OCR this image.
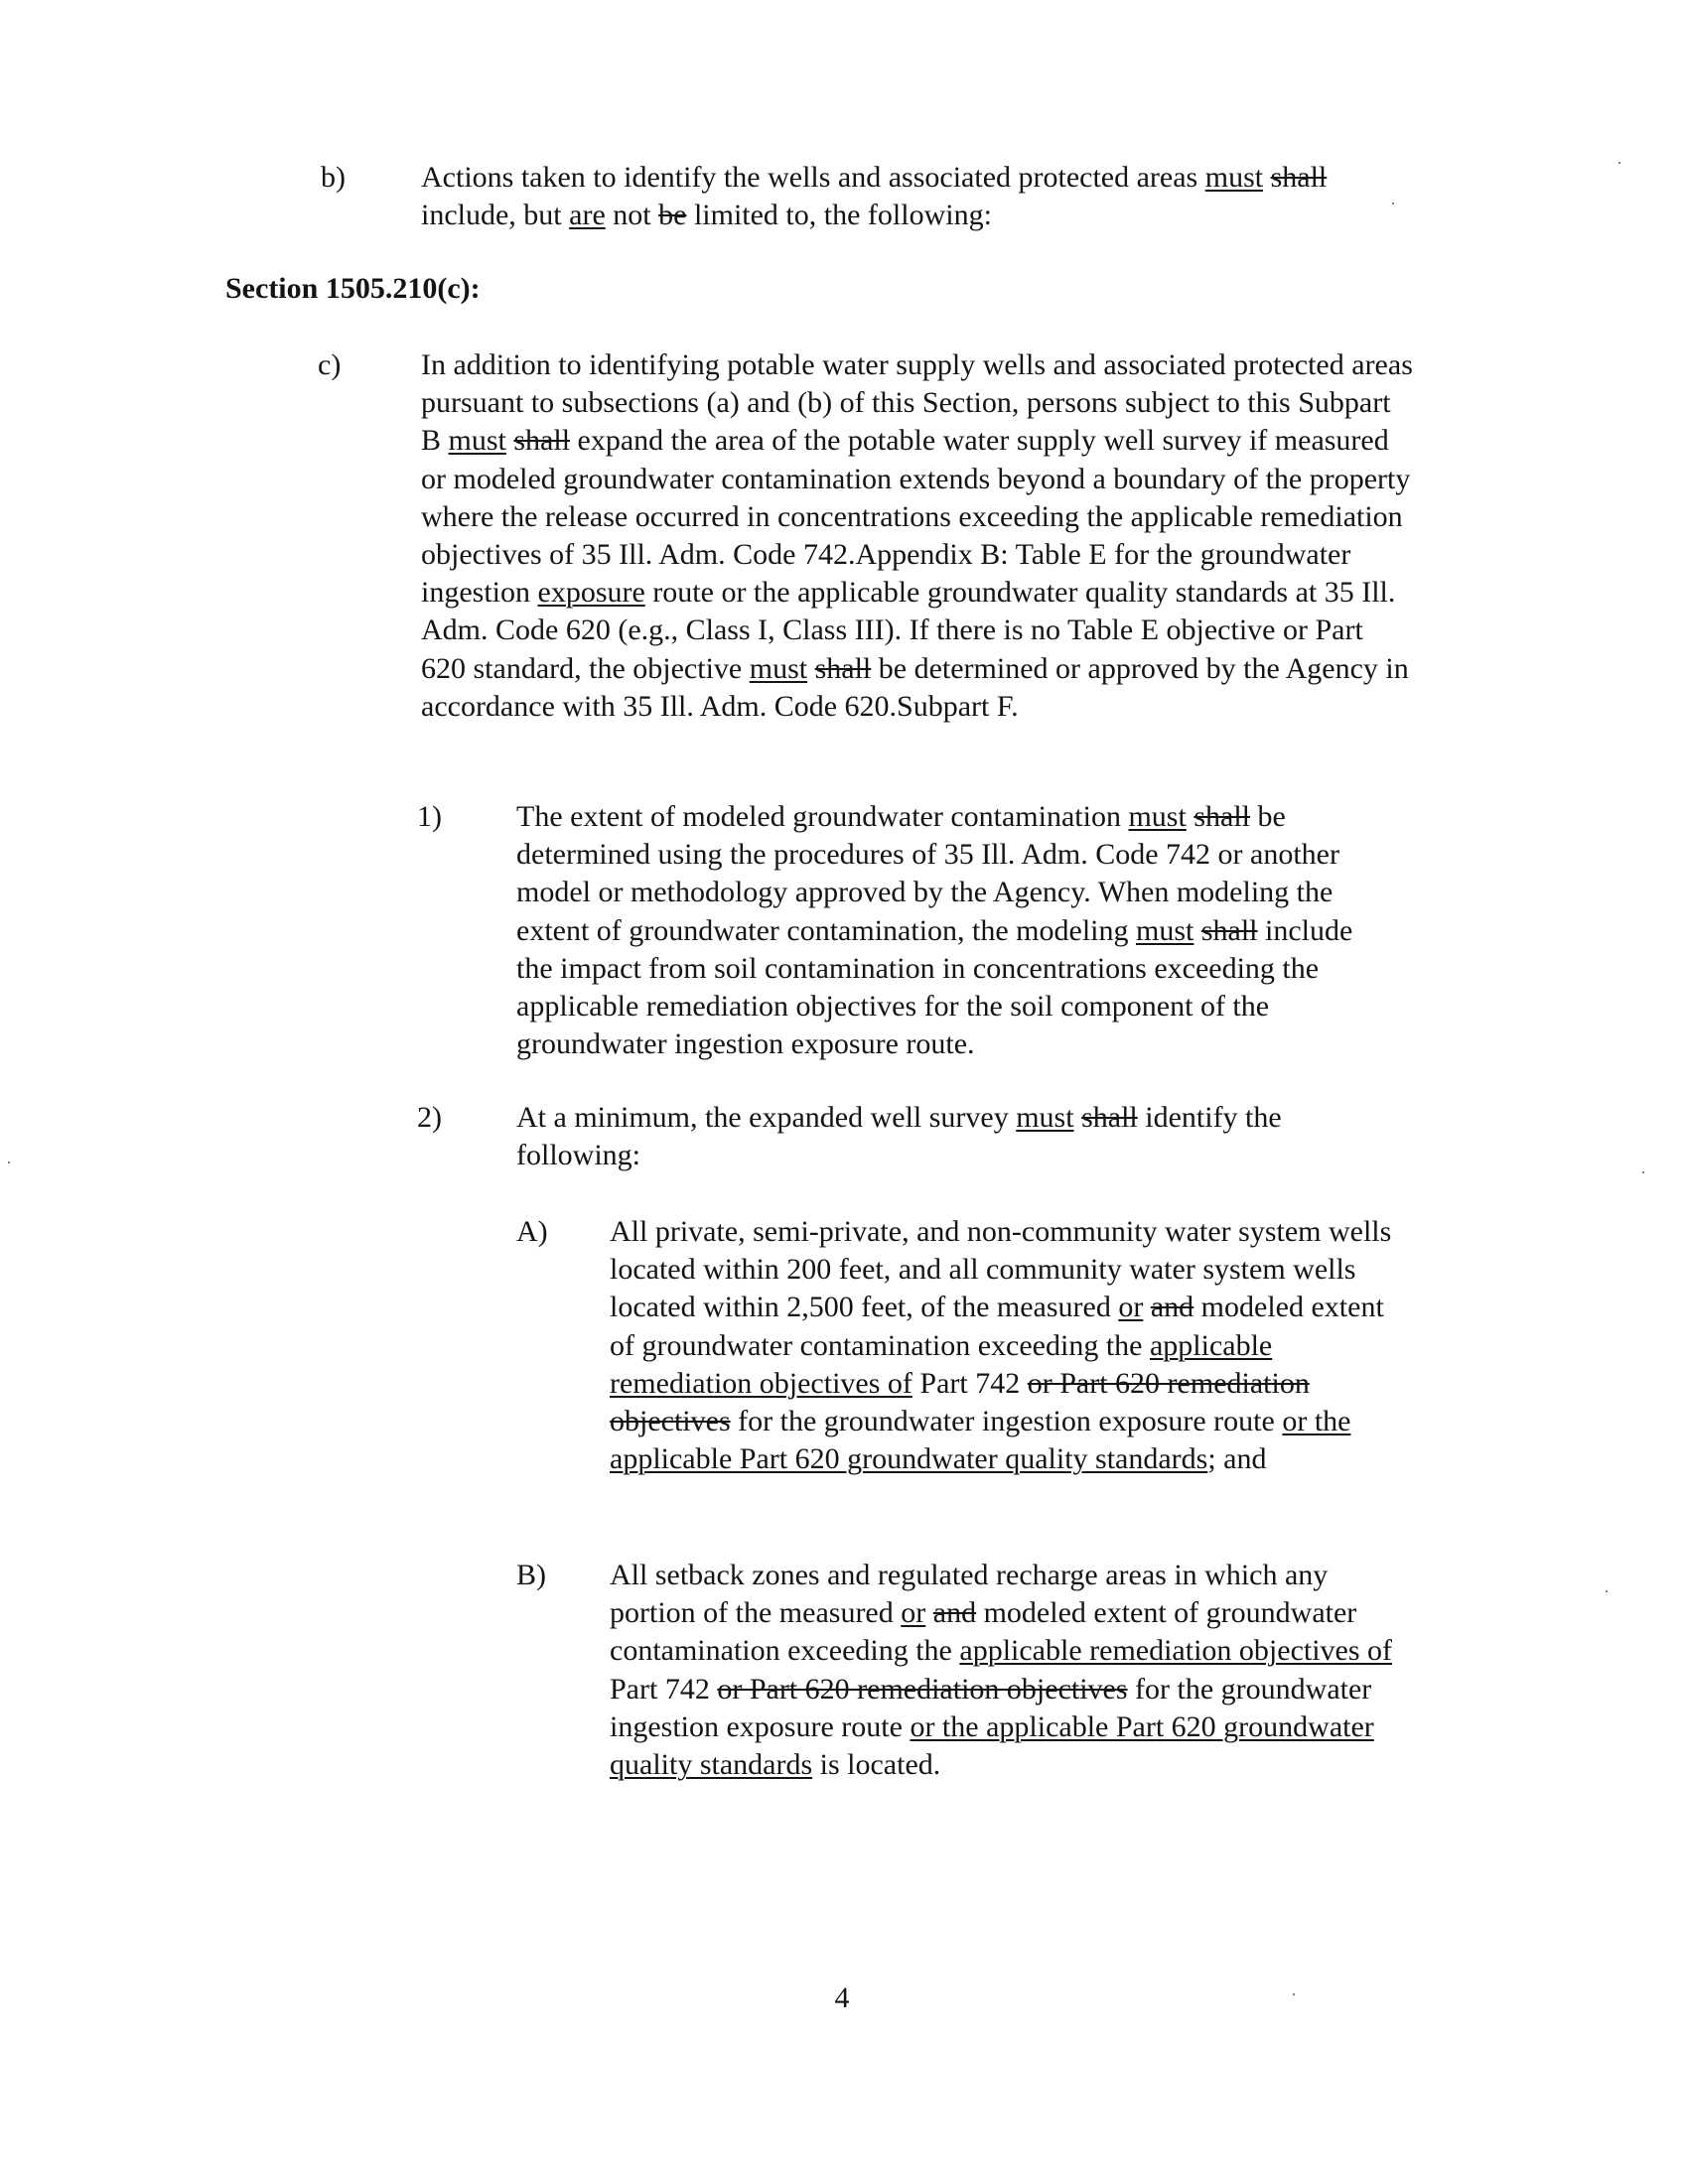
b)	Actions taken to identify the wells and associated protected areas must shall include, but are not be limited to, the following:
Section 1505.210(c):
c)	In addition to identifying potable water supply wells and associated protected areas pursuant to subsections (a) and (b) of this Section, persons subject to this Subpart B must shall expand the area of the potable water supply well survey if measured or modeled groundwater contamination extends beyond a boundary of the property where the release occurred in concentrations exceeding the applicable remediation objectives of 35 Ill. Adm. Code 742.Appendix B: Table E for the groundwater ingestion exposure route or the applicable groundwater quality standards at 35 Ill. Adm. Code 620 (e.g., Class I, Class III). If there is no Table E objective or Part 620 standard, the objective must shall be determined or approved by the Agency in accordance with 35 Ill. Adm. Code 620.Subpart F.
1)	The extent of modeled groundwater contamination must shall be determined using the procedures of 35 Ill. Adm. Code 742 or another model or methodology approved by the Agency. When modeling the extent of groundwater contamination, the modeling must shall include the impact from soil contamination in concentrations exceeding the applicable remediation objectives for the soil component of the groundwater ingestion exposure route.
2)	At a minimum, the expanded well survey must shall identify the following:
A) All private, semi-private, and non-community water system wells located within 200 feet, and all community water system wells located within 2,500 feet, of the measured or and modeled extent of groundwater contamination exceeding the applicable remediation objectives of Part 742 or Part 620 remediation objectives for the groundwater ingestion exposure route or the applicable Part 620 groundwater quality standards; and
B) All setback zones and regulated recharge areas in which any portion of the measured or and modeled extent of groundwater contamination exceeding the applicable remediation objectives of Part 742 or Part 620 remediation objectives for the groundwater ingestion exposure route or the applicable Part 620 groundwater quality standards is located.
4
